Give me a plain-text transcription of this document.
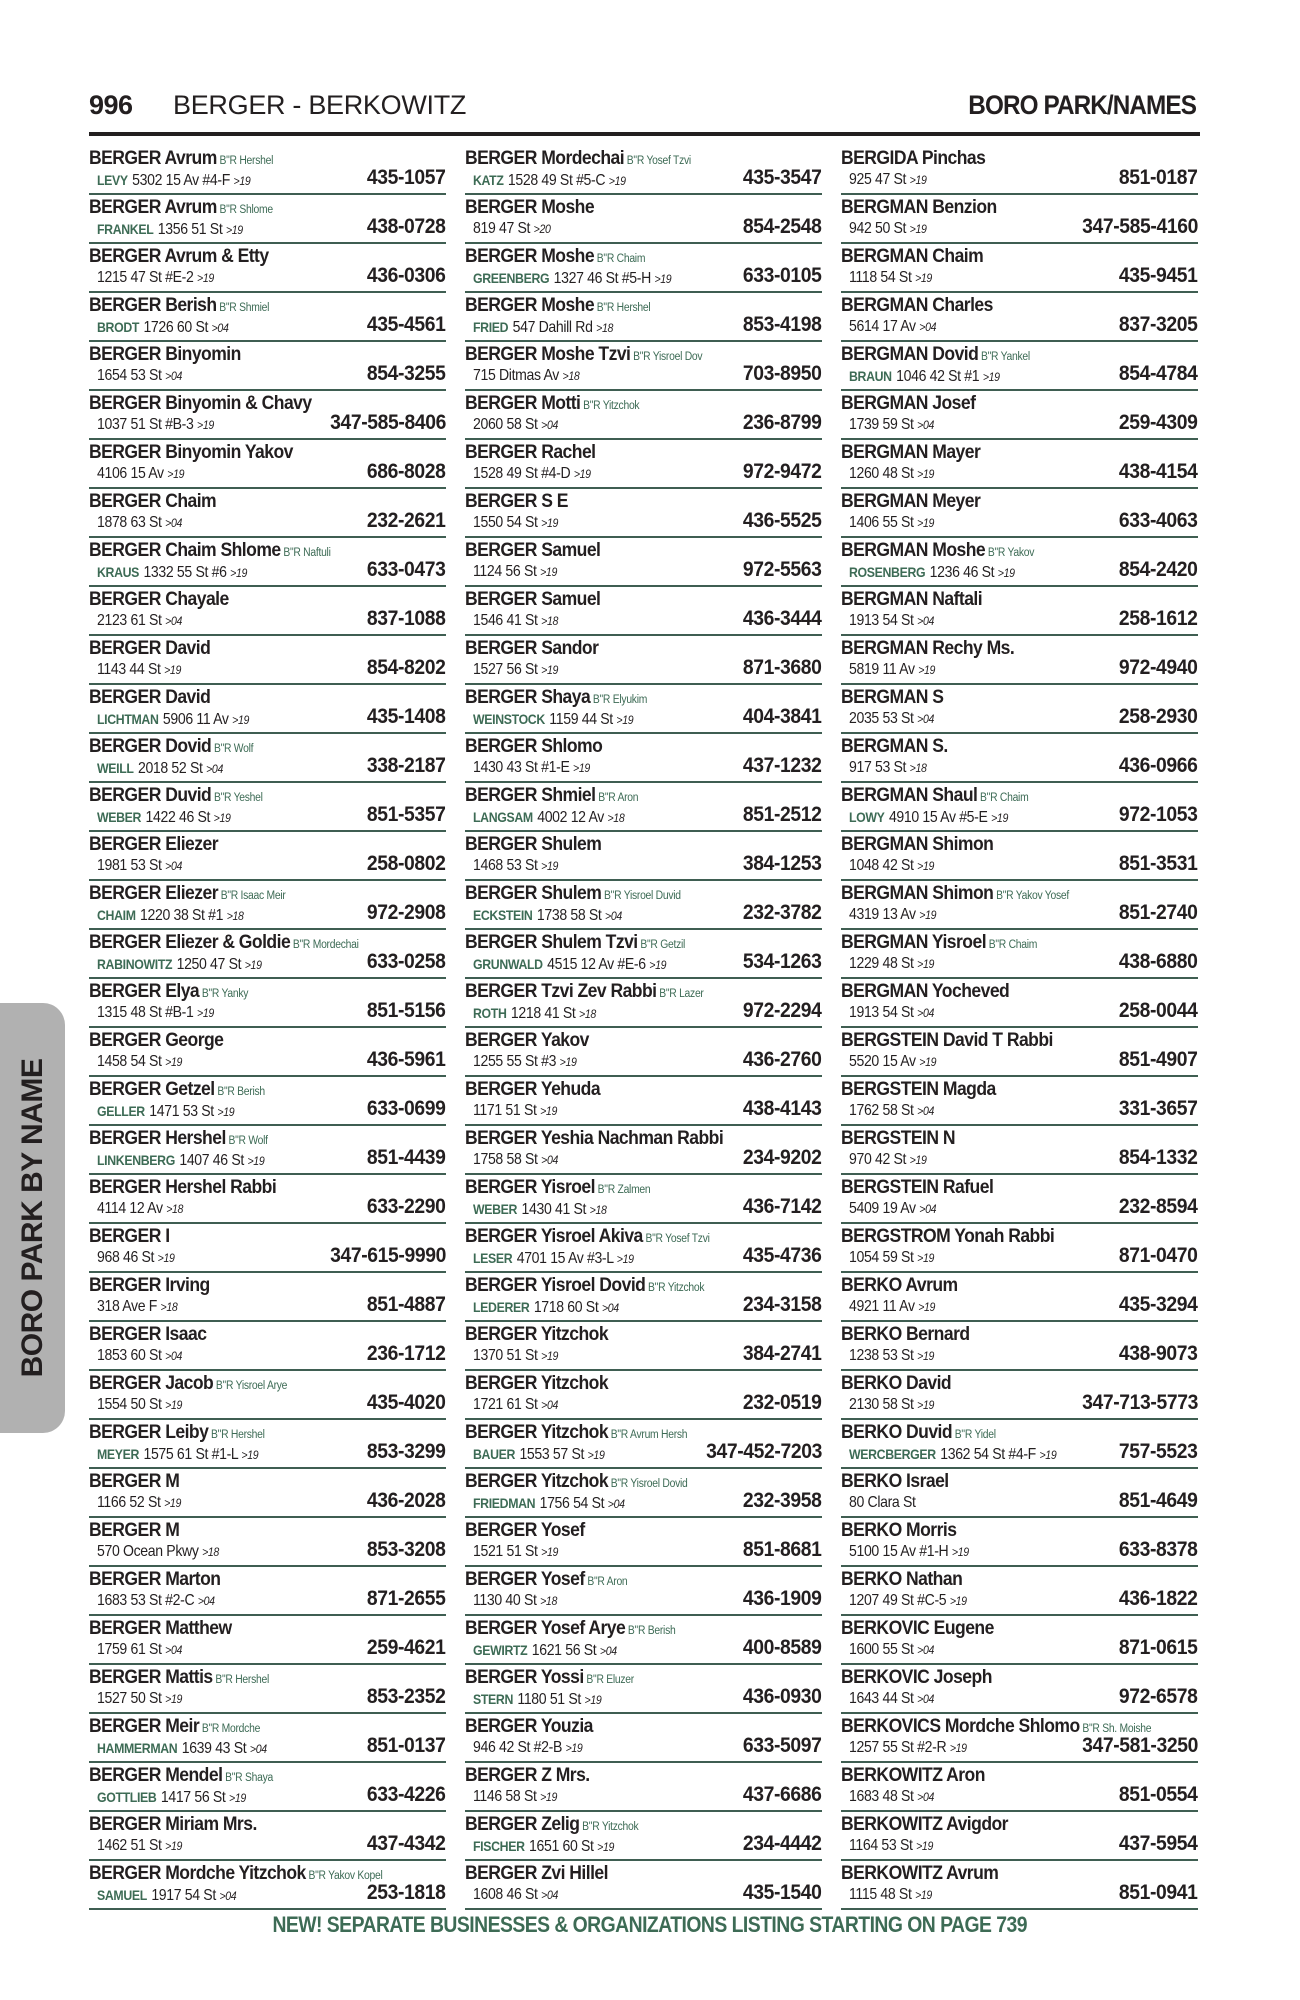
996 BERGER - BERKOWITZ	BORO PARK/NAMES
BERGER Avrum B"R Hershel
LEVY 5302 15 Av #4-F >19	435-1057
BERGER Avrum B"R Shlome
FRANKEL 1356 51 St >19	438-0728
BERGER Avrum & Etty
1215 47 St #E-2 >19	436-0306
BERGER Berish B"R Shmiel
BRODT 1726 60 St >04	435-4561
BERGER Binyomin
1654 53 St >04	854-3255
BERGER Binyomin & Chavy
1037 51 St #B-3 >19	347-585-8406
BERGER Binyomin Yakov
4106 15 Av >19	686-8028
BERGER Chaim
1878 63 St >04	232-2621
BERGER Chaim Shlome B"R Naftuli
KRAUS 1332 55 St #6 >19	633-0473
BERGER Chayale
2123 61 St >04	837-1088
BERGER David
1143 44 St >19	854-8202
BERGER David
LICHTMAN 5906 11 Av >19	435-1408
BERGER Dovid B"R Wolf
WEILL 2018 52 St >04	338-2187
BERGER Duvid B"R Yeshel
WEBER 1422 46 St >19	851-5357
BERGER Eliezer
1981 53 St >04	258-0802
BERGER Eliezer B"R Isaac Meir
CHAIM 1220 38 St #1 >18	972-2908
BERGER Eliezer & Goldie B"R Mordechai
RABINOWITZ 1250 47 St >19	633-0258
BERGER Elya B"R Yanky
1315 48 St #B-1 >19	851-5156
BERGER George
1458 54 St >19	436-5961
BERGER Getzel B"R Berish
GELLER 1471 53 St >19	633-0699
BERGER Hershel B"R Wolf
LINKENBERG 1407 46 St >19	851-4439
BERGER Hershel Rabbi
4114 12 Av >18	633-2290
BERGER I
968 46 St >19	347-615-9990
BERGER Irving
318 Ave F >18	851-4887
BERGER Isaac
1853 60 St >04	236-1712
BERGER Jacob B"R Yisroel Arye
1554 50 St >19	435-4020
BERGER Leiby B"R Hershel
MEYER 1575 61 St #1-L >19	853-3299
BERGER M
1166 52 St >19	436-2028
BERGER M
570 Ocean Pkwy >18	853-3208
BERGER Marton
1683 53 St #2-C >04	871-2655
BERGER Matthew
1759 61 St >04	259-4621
BERGER Mattis B"R Hershel
1527 50 St >19	853-2352
BERGER Meir B"R Mordche
HAMMERMAN 1639 43 St >04	851-0137
BERGER Mendel B"R Shaya
GOTTLIEB 1417 56 St >19	633-4226
BERGER Miriam Mrs.
1462 51 St >19	437-4342
BERGER Mordche Yitzchok B"R Yakov Kopel
SAMUEL 1917 54 St >04	253-1818
BERGER Mordechai B"R Yosef Tzvi
KATZ 1528 49 St #5-C >19	435-3547
BERGER Moshe
819 47 St >20	854-2548
BERGER Moshe B"R Chaim
GREENBERG 1327 46 St #5-H >19	633-0105
BERGER Moshe B"R Hershel
FRIED 547 Dahill Rd >18	853-4198
BERGER Moshe Tzvi B"R Yisroel Dov
715 Ditmas Av >18	703-8950
BERGER Motti B"R Yitzchok
2060 58 St >04	236-8799
BERGER Rachel
1528 49 St #4-D >19	972-9472
BERGER S E
1550 54 St >19	436-5525
BERGER Samuel
1124 56 St >19	972-5563
BERGER Samuel
1546 41 St >18	436-3444
BERGER Sandor
1527 56 St >19	871-3680
BERGER Shaya B"R Elyukim
WEINSTOCK 1159 44 St >19	404-3841
BERGER Shlomo
1430 43 St #1-E >19	437-1232
BERGER Shmiel B"R Aron
LANGSAM 4002 12 Av >18	851-2512
BERGER Shulem
1468 53 St >19	384-1253
BERGER Shulem B"R Yisroel Duvid
ECKSTEIN 1738 58 St >04	232-3782
BERGER Shulem Tzvi B"R Getzil
GRUNWALD 4515 12 Av #E-6 >19	534-1263
BERGER Tzvi Zev Rabbi B"R Lazer
ROTH 1218 41 St >18	972-2294
BERGER Yakov
1255 55 St #3 >19	436-2760
BERGER Yehuda
1171 51 St >19	438-4143
BERGER Yeshia Nachman Rabbi
1758 58 St >04	234-9202
BERGER Yisroel B"R Zalmen
WEBER 1430 41 St >18	436-7142
BERGER Yisroel Akiva B"R Yosef Tzvi
LESER 4701 15 Av #3-L >19	435-4736
BERGER Yisroel Dovid B"R Yitzchok
LEDERER 1718 60 St >04	234-3158
BERGER Yitzchok
1370 51 St >19	384-2741
BERGER Yitzchok
1721 61 St >04	232-0519
BERGER Yitzchok B"R Avrum Hersh
BAUER 1553 57 St >19	347-452-7203
BERGER Yitzchok B"R Yisroel Dovid
FRIEDMAN 1756 54 St >04	232-3958
BERGER Yosef
1521 51 St >19	851-8681
BERGER Yosef B"R Aron
1130 40 St >18	436-1909
BERGER Yosef Arye B"R Berish
GEWIRTZ 1621 56 St >04	400-8589
BERGER Yossi B"R Eluzer
STERN 1180 51 St >19	436-0930
BERGER Youzia
946 42 St #2-B >19	633-5097
BERGER Z Mrs.
1146 58 St >19	437-6686
BERGER Zelig B"R Yitzchok
FISCHER 1651 60 St >19	234-4442
BERGER Zvi Hillel
1608 46 St >04	435-1540
BERGIDA Pinchas
925 47 St >19	851-0187
BERGMAN Benzion
942 50 St >19	347-585-4160
BERGMAN Chaim
1118 54 St >19	435-9451
BERGMAN Charles
5614 17 Av >04	837-3205
BERGMAN Dovid B"R Yankel
BRAUN 1046 42 St #1 >19	854-4784
BERGMAN Josef
1739 59 St >04	259-4309
BERGMAN Mayer
1260 48 St >19	438-4154
BERGMAN Meyer
1406 55 St >19	633-4063
BERGMAN Moshe B"R Yakov
ROSENBERG 1236 46 St >19	854-2420
BERGMAN Naftali
1913 54 St >04	258-1612
BERGMAN Rechy Ms.
5819 11 Av >19	972-4940
BERGMAN S
2035 53 St >04	258-2930
BERGMAN S.
917 53 St >18	436-0966
BERGMAN Shaul B"R Chaim
LOWY 4910 15 Av #5-E >19	972-1053
BERGMAN Shimon
1048 42 St >19	851-3531
BERGMAN Shimon B"R Yakov Yosef
4319 13 Av >19	851-2740
BERGMAN Yisroel B"R Chaim
1229 48 St >19	438-6880
BERGMAN Yocheved
1913 54 St >04	258-0044
BERGSTEIN David T Rabbi
5520 15 Av >19	851-4907
BERGSTEIN Magda
1762 58 St >04	331-3657
BERGSTEIN N
970 42 St >19	854-1332
BERGSTEIN Rafuel
5409 19 Av >04	232-8594
BERGSTROM Yonah Rabbi
1054 59 St >19	871-0470
BERKO Avrum
4921 11 Av >19	435-3294
BERKO Bernard
1238 53 St >19	438-9073
BERKO David
2130 58 St >19	347-713-5773
BERKO Duvid B"R Yidel
WERCBERGER 1362 54 St #4-F >19	757-5523
BERKO Israel
80 Clara St	851-4649
BERKO Morris
5100 15 Av #1-H >19	633-8378
BERKO Nathan
1207 49 St #C-5 >19	436-1822
BERKOVIC Eugene
1600 55 St >04	871-0615
BERKOVIC Joseph
1643 44 St >04	972-6578
BERKOVICS Mordche Shlomo B"R Sh. Moishe
1257 55 St #2-R >19	347-581-3250
BERKOWITZ Aron
1683 48 St >04	851-0554
BERKOWITZ Avigdor
1164 53 St >19	437-5954
BERKOWITZ Avrum
1115 48 St >19	851-0941
BORO PARK BY NAME
NEW! SEPARATE BUSINESSES & ORGANIZATIONS LISTING STARTING ON PAGE 739
